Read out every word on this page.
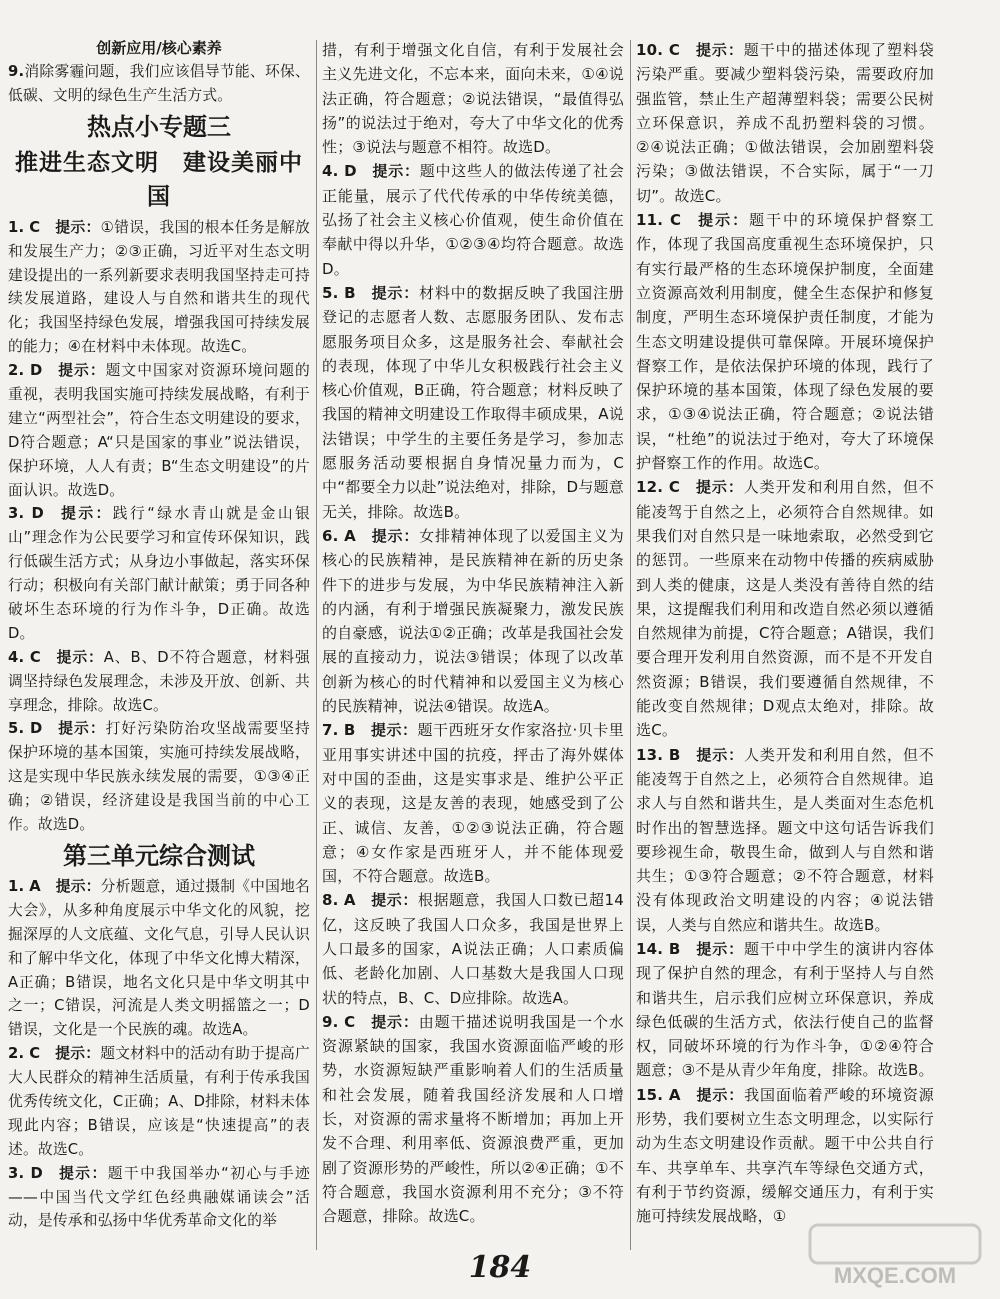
创新应用/核心素养

9.消除雾霾问题，我们应该倡导节能、环保、低碳、文明的绿色生产生活方式。

热点小专题三
推进生态文明　建设美丽中国

1. C  提示：①错误，我国的根本任务是解放和发展生产力；②③正确，习近平对生态文明建设提出的一系列新要求表明我国坚持走可持续发展道路，建设人与自然和谐共生的现代化；我国坚持绿色发展，增强我国可持续发展的能力；④在材料中未体现。故选C。

2. D  提示：题文中国家对资源环境问题的重视，表明我国实施可持续发展战略，有利于建立“两型社会”，符合生态文明建设的要求，D符合题意；A“只是国家的事业”说法错误，保护环境，人人有责；B“生态文明建设”的片面认识。故选D。

3. D  提示：践行“绿水青山就是金山银山”理念作为公民要学习和宣传环保知识，践行低碳生活方式；从身边小事做起，落实环保行动；积极向有关部门献计献策；勇于同各种破坏生态环境的行为作斗争，D正确。故选D。

4. C  提示：A、B、D不符合题意，材料强调坚持绿色发展理念，未涉及开放、创新、共享理念，排除。故选C。

5. D  提示：打好污染防治攻坚战需要坚持保护环境的基本国策，实施可持续发展战略，这是实现中华民族永续发展的需要，①③④正确；②错误，经济建设是我国当前的中心工作。故选D。

第三单元综合测试

1. A  提示：分析题意，通过摄制《中国地名大会》，从多种角度展示中华文化的风貌，挖掘深厚的人文底蕴、文化气息，引导人民认识和了解中华文化，体现了中华文化博大精深，A正确；B错误，地名文化只是中华文明其中之一；C错误，河流是人类文明摇篮之一；D错误，文化是一个民族的魂。故选A。

2. C  提示：题文材料中的活动有助于提高广大人民群众的精神生活质量，有利于传承我国优秀传统文化，C正确；A、D排除，材料未体现此内容；B错误，应该是“快速提高”的表述。故选C。

3. D  提示：题干中我国举办“初心与手迹——中国当代文学红色经典融媒诵读会”活动，是传承和弘扬中华优秀革命文化的举

措，有利于增强文化自信，有利于发展社会主义先进文化，不忘本来，面向未来，①④说法正确，符合题意；②说法错误，“最值得弘扬”的说法过于绝对，夸大了中华文化的优秀性；③说法与题意不相符。故选D。

4. D  提示：题中这些人的做法传递了社会正能量，展示了代代传承的中华传统美德，弘扬了社会主义核心价值观，使生命价值在奉献中得以升华，①②③④均符合题意。故选D。

5. B  提示：材料中的数据反映了我国注册登记的志愿者人数、志愿服务团队、发布志愿服务项目众多，这是服务社会、奉献社会的表现，体现了中华儿女积极践行社会主义核心价值观，B正确，符合题意；材料反映了我国的精神文明建设工作取得丰硕成果，A说法错误；中学生的主要任务是学习，参加志愿服务活动要根据自身情况量力而为，C中“都要全力以赴”说法绝对，排除，D与题意无关，排除。故选B。

6. A  提示：女排精神体现了以爱国主义为核心的民族精神，是民族精神在新的历史条件下的进步与发展，为中华民族精神注入新的内涵，有利于增强民族凝聚力，激发民族的自豪感，说法①②正确；改革是我国社会发展的直接动力，说法③错误；体现了以改革创新为核心的时代精神和以爱国主义为核心的民族精神，说法④错误。故选A。

7. B  提示：题干西班牙女作家洛拉·贝卡里亚用事实讲述中国的抗疫，抨击了海外媒体对中国的歪曲，这是实事求是、维护公平正义的表现，这是友善的表现，她感受到了公正、诚信、友善，①②③说法正确，符合题意；④女作家是西班牙人，并不能体现爱国，不符合题意。故选B。

8. A  提示：根据题意，我国人口数已超14亿，这反映了我国人口众多，我国是世界上人口最多的国家，A说法正确；人口素质偏低、老龄化加剧、人口基数大是我国人口现状的特点，B、C、D应排除。故选A。

9. C  提示：由题干描述说明我国是一个水资源紧缺的国家，我国水资源面临严峻的形势，水资源短缺严重影响着人们的生活质量和社会发展，随着我国经济发展和人口增长，对资源的需求量将不断增加；再加上开发不合理、利用率低、资源浪费严重，更加剧了资源形势的严峻性，所以②④正确；①不符合题意，我国水资源利用不充分；③不符合题意，排除。故选C。

10. C  提示：题干中的描述体现了塑料袋污染严重。要减少塑料袋污染，需要政府加强监管，禁止生产超薄塑料袋；需要公民树立环保意识，养成不乱扔塑料袋的习惯。②④说法正确；①做法错误，会加剧塑料袋污染；③做法错误，不合实际，属于“一刀切”。故选C。

11. C  提示：题干中的环境保护督察工作，体现了我国高度重视生态环境保护，只有实行最严格的生态环境保护制度，全面建立资源高效利用制度，健全生态保护和修复制度，严明生态环境保护责任制度，才能为生态文明建设提供可靠保障。开展环境保护督察工作，是依法保护环境的体现，践行了保护环境的基本国策，体现了绿色发展的要求，①③④说法正确，符合题意；②说法错误，“杜绝”的说法过于绝对，夸大了环境保护督察工作的作用。故选C。

12. C  提示：人类开发和利用自然，但不能凌驾于自然之上，必须符合自然规律。如果我们对自然只是一味地索取，必然受到它的惩罚。一些原来在动物中传播的疾病威胁到人类的健康，这是人类没有善待自然的结果，这提醒我们利用和改造自然必须以遵循自然规律为前提，C符合题意；A错误，我们要合理开发利用自然资源，而不是不开发自然资源；B错误，我们要遵循自然规律，不能改变自然规律；D观点太绝对，排除。故选C。

13. B  提示：人类开发和利用自然，但不能凌驾于自然之上，必须符合自然规律。追求人与自然和谐共生，是人类面对生态危机时作出的智慧选择。题文中这句话告诉我们要珍视生命，敬畏生命，做到人与自然和谐共生；①③符合题意；②不符合题意，材料没有体现政治文明建设的内容；④说法错误，人类与自然应和谐共生。故选B。

14. B  提示：题干中中学生的演讲内容体现了保护自然的理念，有利于坚持人与自然和谐共生，启示我们应树立环保意识，养成绿色低碳的生活方式，依法行使自己的监督权，同破坏环境的行为作斗争，①②④符合题意；③不是从青少年角度，排除。故选B。

15. A  提示：我国面临着严峻的环境资源形势，我们要树立生态文明理念，以实际行动为生态文明建设作贡献。题干中公共自行车、共享单车、共享汽车等绿色交通方式，有利于节约资源，缓解交通压力，有利于实施可持续发展战略，①

184	MXQE.COM
